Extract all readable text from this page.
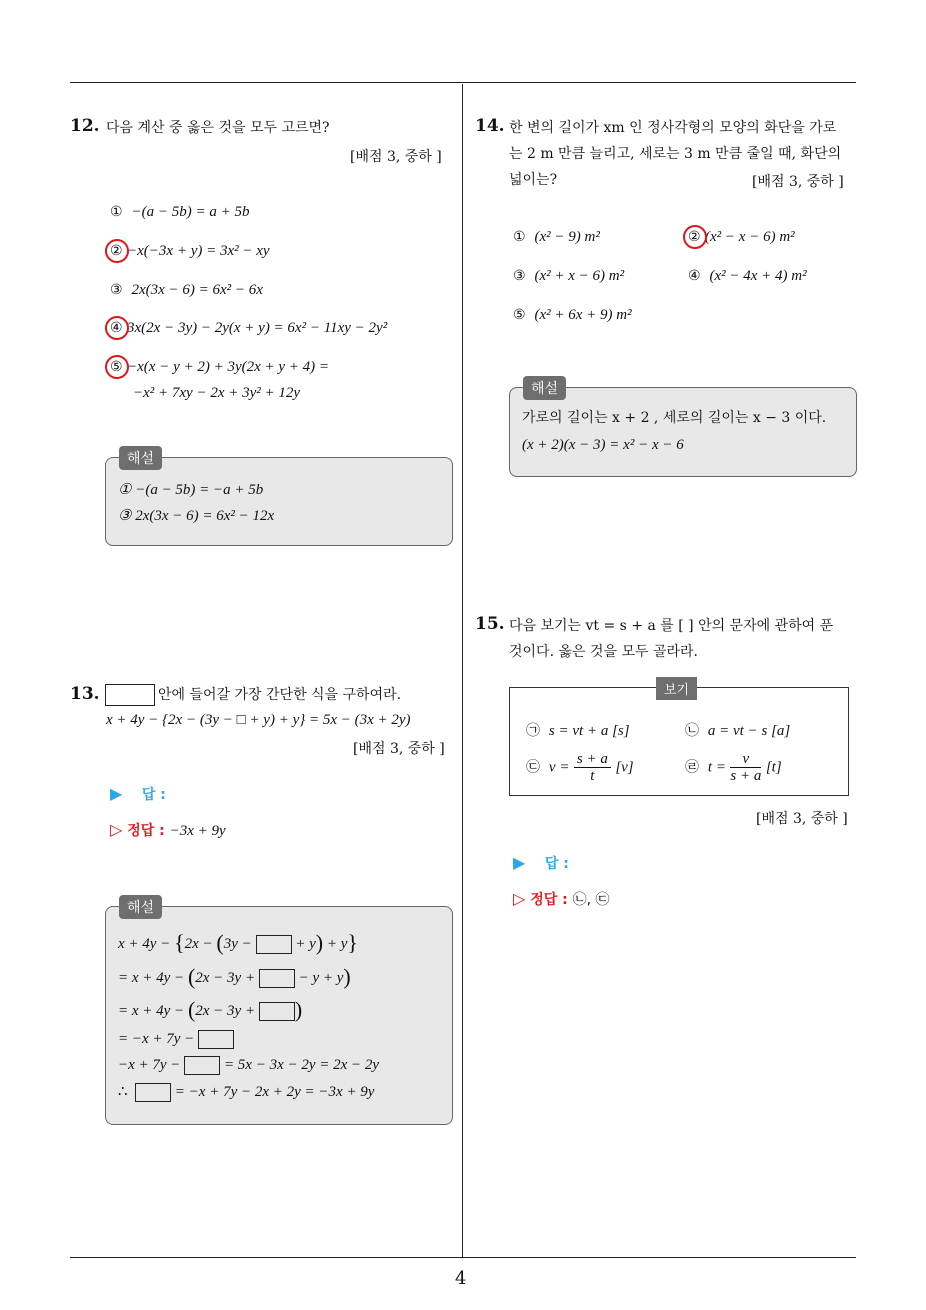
4
12. 다음 계산 중 옳은 것을 모두 고르면?
[배점 3, 중하 ]
① −(a − 5b) = a + 5b
② −x(−3x + y) = 3x² − xy
③ 2x(3x − 6) = 6x² − 6x
④ 3x(2x − 3y) − 2y(x + y) = 6x² − 11xy − 2y²
⑤ −x(x − y + 2) + 3y(2x + y + 4) =
−x² + 7xy − 2x + 3y² + 12y
해설
① −(a − 5b) = −a + 5b
③ 2x(3x − 6) = 6x² − 12x
13.	안에 들어갈 가장 간단한 식을 구하여라.
x + 4y − {2x − (3y − □ + y) + y} = 5x − (3x + 2y)
[배점 3, 중하 ]
▶ 답 :
▷ 정답 : −3x + 9y
해설
x + 4y − {2x − (3y −	+ y) + y}
= x + 4y − (2x − 3y +	− y + y)
= x + 4y − (2x − 3y + )
= −x + 7y −
−x + 7y −	= 5x − 3x − 2y = 2x − 2y
∴	= −x + 7y − 2x + 2y = −3x + 9y
14. 한 변의 길이가 xm 인 정사각형의 모양의 화단을 가로
는 2 m 만큼 늘리고, 세로는 3 m 만큼 줄일 때, 화단의
넓이는?	[배점 3, 중하 ]
① (x² − 9) m²	② (x² − x − 6) m²
③ (x² + x − 6) m²	④ (x² − 4x + 4) m²
⑤ (x² + 6x + 9) m²
해설
가로의 길이는 x + 2 , 세로의 길이는 x − 3 이다.
(x + 2)(x − 3) = x² − x − 6
15. 다음 보기는 vt = s + a 를 [ ] 안의 문자에 관하여 푼
것이다. 옳은 것을 모두 골라라.
보기
㉠ s = vt + a [s]	㉡ a = vt − s [a]
㉢ $v = \frac{s + a}{t} [v]$	㉣ $t = \frac{v}{s + a} [t]$
[배점 3, 중하 ]
▶ 답 :
▷ 정답 : ㉡, ㉢
